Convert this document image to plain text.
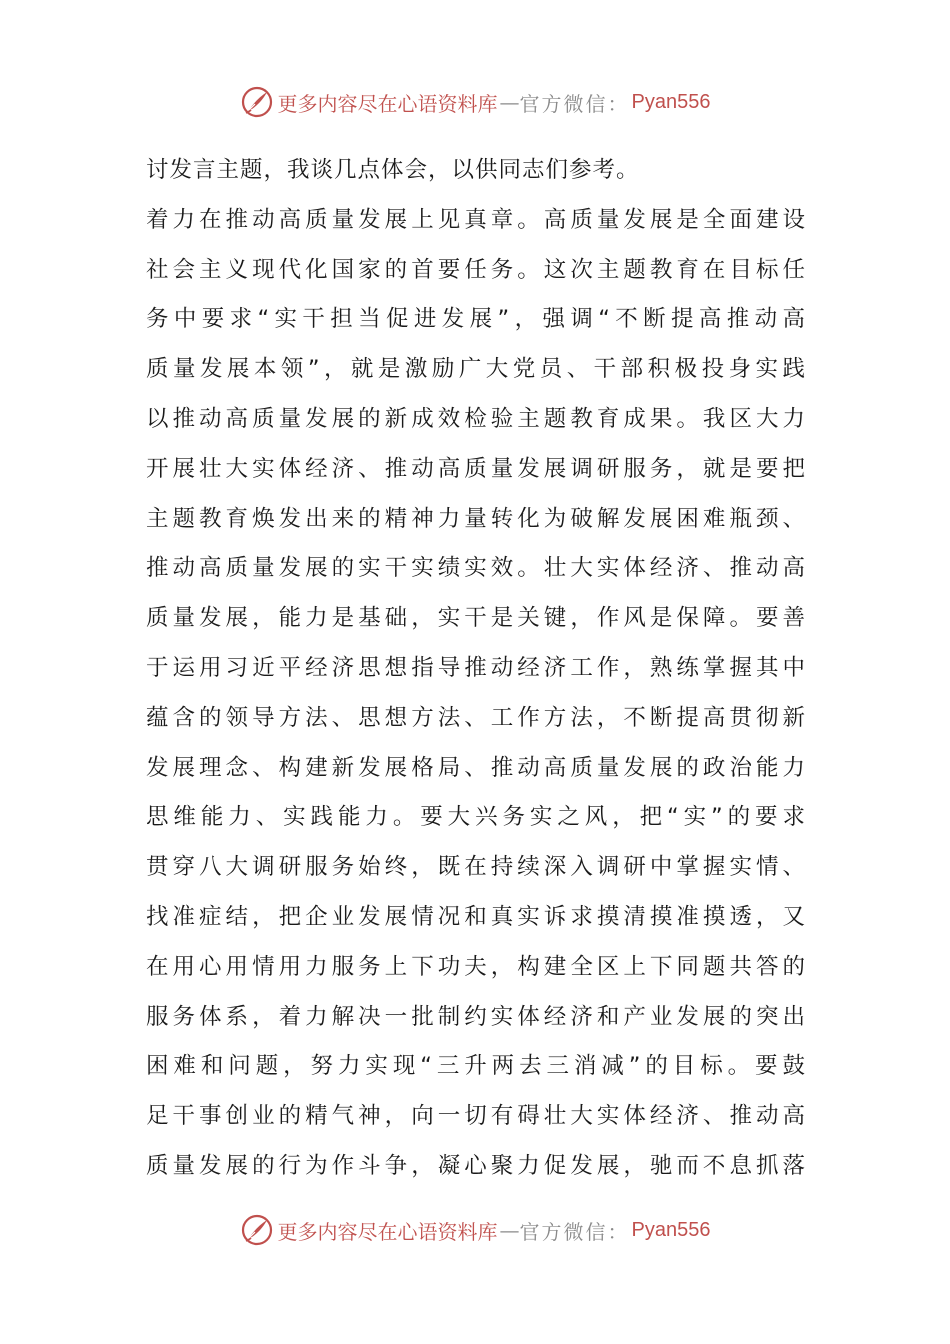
更多内容尽在心语资料库 — 官方微信： Pyan556
讨发言主题，我谈几点体会，以供同志们参考。
着力在推动高质量发展上见真章。高质量发展是全面建设
社会主义现代化国家的首要任务。这次主题教育在目标任
务中要求“实干担当促进发展”，强调“不断提高推动高
质量发展本领”，就是激励广大党员、干部积极投身实践
以推动高质量发展的新成效检验主题教育成果。我区大力
开展壮大实体经济、推动高质量发展调研服务，就是要把
主题教育焕发出来的精神力量转化为破解发展困难瓶颈、
推动高质量发展的实干实绩实效。壮大实体经济、推动高
质量发展，能力是基础，实干是关键，作风是保障。要善
于运用习近平经济思想指导推动经济工作，熟练掌握其中
蕴含的领导方法、思想方法、工作方法，不断提高贯彻新
发展理念、构建新发展格局、推动高质量发展的政治能力
思维能力、实践能力。要大兴务实之风，把“实”的要求
贯穿八大调研服务始终，既在持续深入调研中掌握实情、
找准症结，把企业发展情况和真实诉求摸清摸准摸透，又
在用心用情用力服务上下功夫，构建全区上下同题共答的
服务体系，着力解决一批制约实体经济和产业发展的突出
困难和问题，努力实现“三升两去三消减”的目标。要鼓
足干事创业的精气神，向一切有碍壮大实体经济、推动高
质量发展的行为作斗争，凝心聚力促发展，驰而不息抓落
更多内容尽在心语资料库 — 官方微信： Pyan556
